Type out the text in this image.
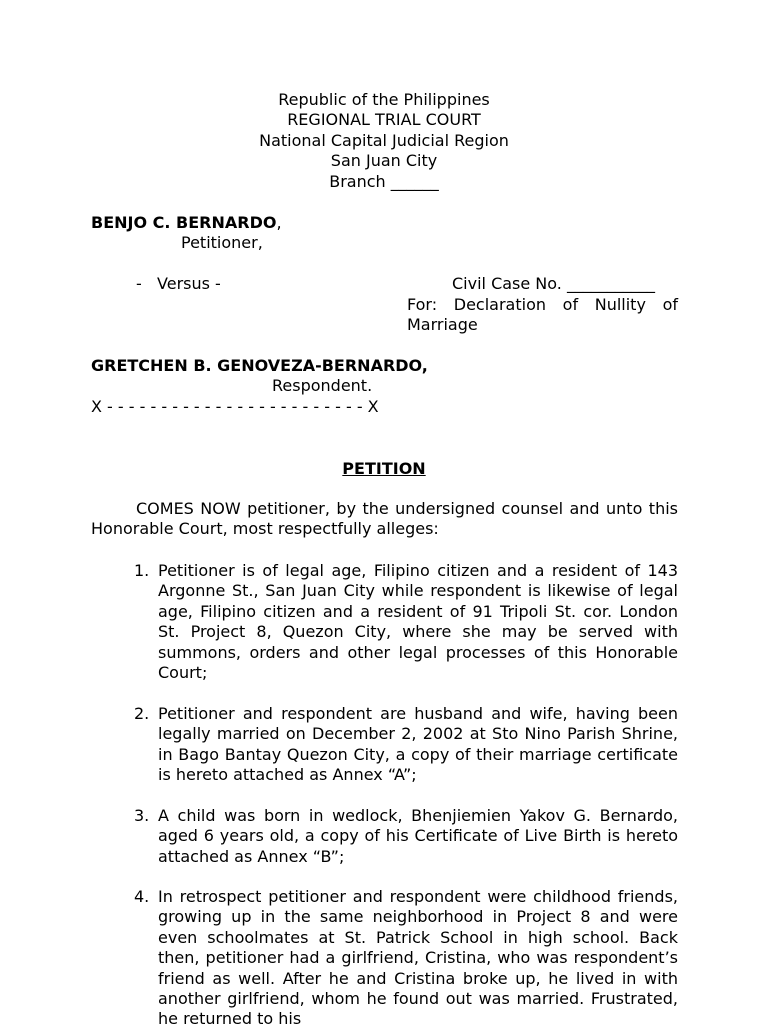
Republic of the Philippines
REGIONAL TRIAL COURT
National Capital Judicial Region
San Juan City
Branch ______
BENJO C. BERNARDO,
Petitioner,
-   Versus -	Civil Case No. ___________
For: Declaration of Nullity of Marriage
GRETCHEN B. GENOVEZA-BERNARDO,
Respondent.
X - - - - - - - - - - - - - - - - - - - - - - - - X
PETITION
COMES NOW petitioner, by the undersigned counsel and unto this Honorable Court, most respectfully alleges:
1. Petitioner is of legal age, Filipino citizen and a resident of 143 Argonne St., San Juan City while respondent is likewise of legal age, Filipino citizen and a resident of 91 Tripoli St. cor. London St. Project 8, Quezon City, where she may be served with summons, orders and other legal processes of this Honorable Court;
2. Petitioner and respondent are husband and wife, having been legally married on December 2, 2002 at Sto Nino Parish Shrine, in Bago Bantay Quezon City, a copy of their marriage certificate is hereto attached as Annex “A”;
3. A child was born in wedlock, Bhenjiemien Yakov G. Bernardo, aged 6 years old, a copy of his Certificate of Live Birth is hereto attached as Annex “B”;
4. In retrospect petitioner and respondent were childhood friends, growing up in the same neighborhood in Project 8 and were even schoolmates at St. Patrick School in high school. Back then, petitioner had a girlfriend, Cristina, who was respondent’s friend as well. After he and Cristina broke up, he lived in with another girlfriend, whom he found out was married. Frustrated, he returned to his
